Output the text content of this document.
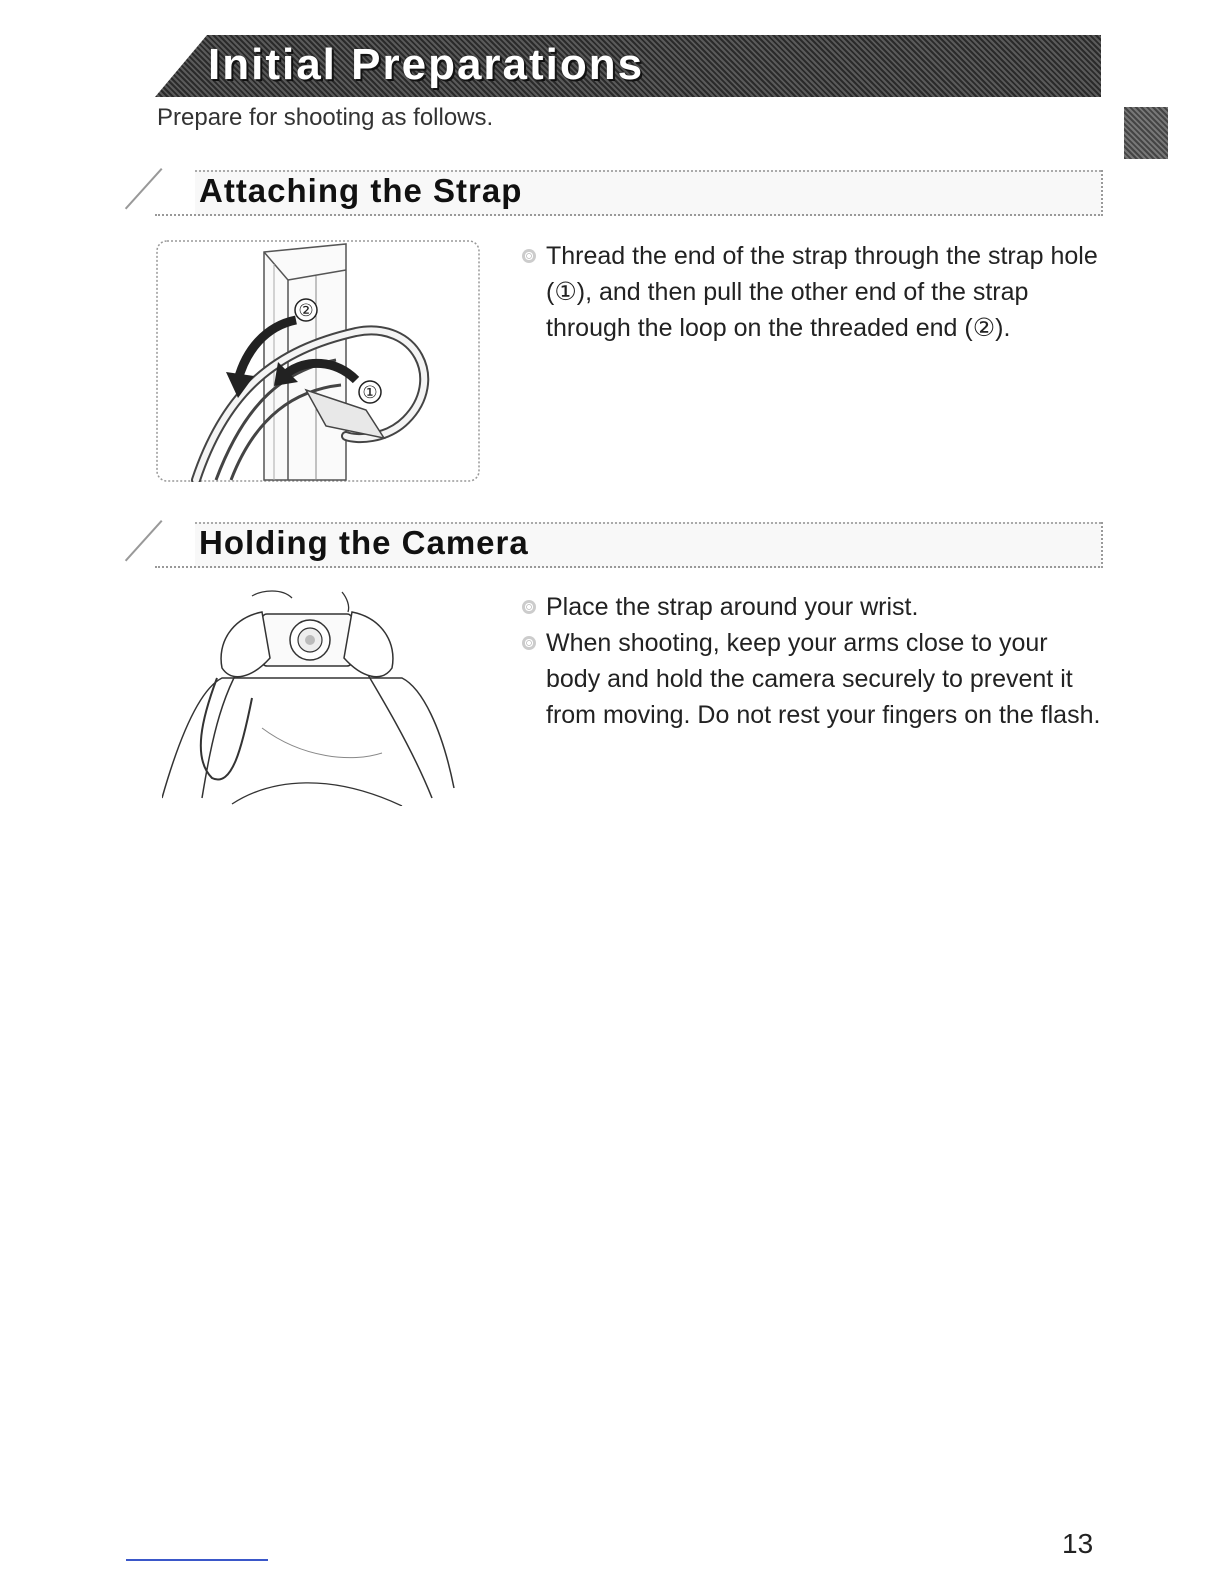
Initial Preparations

Prepare for shooting as follows.

Attaching the Strap
②
①
Thread the end of the strap through the strap hole (①), and then pull the other end of the strap through the loop on the threaded end (②).
Holding the Camera
Place the strap around your wrist.
When shooting, keep your arms close to your body and hold the camera securely to prevent it from moving. Do not rest your fingers on the flash.

13
